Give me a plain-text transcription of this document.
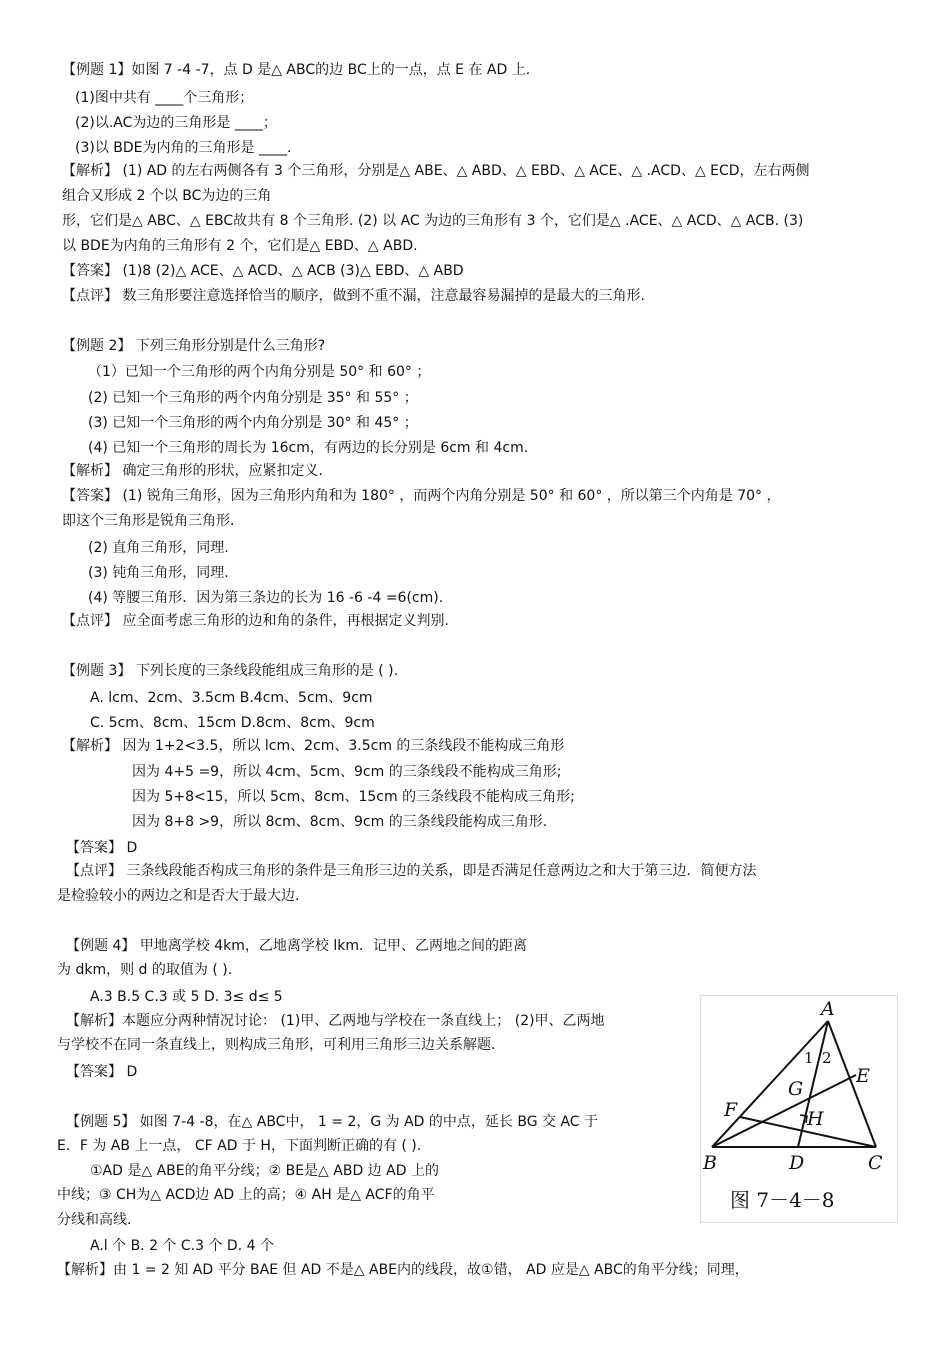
【例题 1】如图 7 -4 -7，点 D 是△ ABC的边 BC上的一点，点 E 在 AD 上.
(1)图中共有 ____个三角形；
(2)以.AC为边的三角形是 ____；
(3)以 BDE为内角的三角形是 ____.
【解析】 (1) AD 的左右两侧各有 3 个三角形，分别是△ ABE、△ ABD、△ EBD、△ ACE、△ .ACD、△ ECD，左右两侧
组合又形成 2 个以 BC为边的三角
形，它们是△ ABC、△ EBC故共有 8 个三角形. (2) 以 AC 为边的三角形有 3 个，它们是△ .ACE、△ ACD、△ ACB. (3)
以 BDE为内角的三角形有 2 个，它们是△ EBD、△ ABD.
【答案】 (1)8 (2)△ ACE、△ ACD、△ ACB (3)△ EBD、△ ABD
【点评】 数三角形要注意选择恰当的顺序，做到不重不漏，注意最容易漏掉的是最大的三角形.
【例题 2】 下列三角形分别是什么三角形?
（1）已知一个三角形的两个内角分别是 50° 和 60° ；
(2) 已知一个三角形的两个内角分别是 35° 和 55° ；
(3) 已知一个三角形的两个内角分别是 30° 和 45° ；
(4) 已知一个三角形的周长为 16cm，有两边的长分别是 6cm 和 4cm.
【解析】 确定三角形的形状，应紧扣定义.
【答案】 (1) 锐角三角形，因为三角形内角和为 180° ，而两个内角分别是 50° 和 60° ，所以第三个内角是 70° ，
即这个三角形是锐角三角形.
(2) 直角三角形，同理.
(3) 钝角三角形，同理.
(4) 等腰三角形．因为第三条边的长为 16 -6 -4 =6(cm).
【点评】 应全面考虑三角形的边和角的条件，再根据定义判别.
【例题 3】 下列长度的三条线段能组成三角形的是 ( ).
A. lcm、2cm、3.5cm B.4cm、5cm、9cm
C. 5cm、8cm、15cm D.8cm、8cm、9cm
【解析】 因为 1+2<3.5，所以 lcm、2cm、3.5cm 的三条线段不能构成三角形
因为 4+5 =9，所以 4cm、5cm、9cm 的三条线段不能构成三角形;
因为 5+8<15，所以 5cm、8cm、15cm 的三条线段不能构成三角形;
因为 8+8 >9，所以 8cm、8cm、9cm 的三条线段能构成三角形.
【答案】 D
【点评】 三条线段能否构成三角形的条件是三角形三边的关系，即是否满足任意两边之和大于第三边．简便方法
是检验较小的两边之和是否大于最大边.
【例题 4】 甲地离学校 4km，乙地离学校 lkm．记甲、乙两地之间的距离
为 dkm，则 d 的取值为 ( ).
A.3 B.5 C.3 或 5 D. 3≤ d≤ 5
【解析】本题应分两种情况讨论： (1)甲、乙两地与学校在一条直线上； (2)甲、乙两地
与学校不在同一条直线上，则构成三角形，可利用三角形三边关系解题.
【答案】 D
【例题 5】 如图 7-4 -8，在△ ABC中， 1 = 2，G 为 AD 的中点，延长 BG 交 AC 于
E．F 为 AB 上一点， CF AD 于 H，下面判断正确的有 ( ).
①AD 是△ ABE的角平分线；② BE是△ ABD 边 AD 上的
中线；③ CH为△ ACD边 AD 上的高；④ AH 是△ ACF的角平
分线和高线.
A.l 个 B. 2 个 C.3 个 D. 4 个
【解析】由 1 = 2 知 AD 平分 BAE 但 AD 不是△ ABE内的线段，故①错， AD 应是△ ABC的角平分线；同理，
A
B	C
D
E
F
G
H
1 2
图 7－4－8
